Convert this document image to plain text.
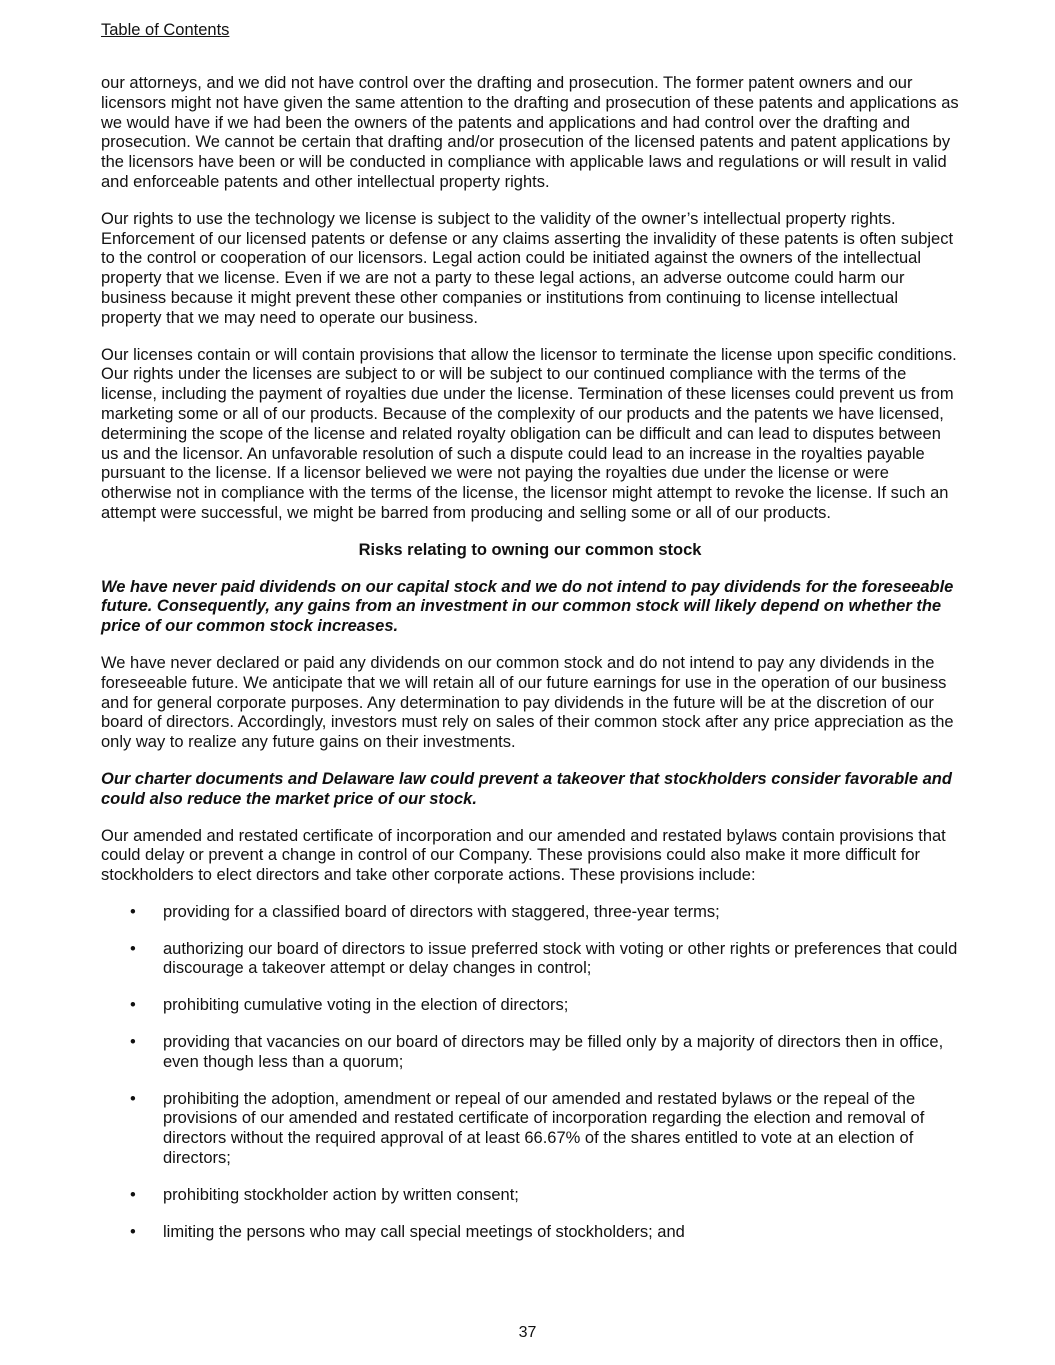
Table of Contents

our attorneys, and we did not have control over the drafting and prosecution. The former patent owners and our licensors might not have given the same attention to the drafting and prosecution of these patents and applications as we would have if we had been the owners of the patents and applications and had control over the drafting and prosecution. We cannot be certain that drafting and/or prosecution of the licensed patents and patent applications by the licensors have been or will be conducted in compliance with applicable laws and regulations or will result in valid and enforceable patents and other intellectual property rights.

Our rights to use the technology we license is subject to the validity of the owner’s intellectual property rights. Enforcement of our licensed patents or defense or any claims asserting the invalidity of these patents is often subject to the control or cooperation of our licensors. Legal action could be initiated against the owners of the intellectual property that we license. Even if we are not a party to these legal actions, an adverse outcome could harm our business because it might prevent these other companies or institutions from continuing to license intellectual property that we may need to operate our business.

Our licenses contain or will contain provisions that allow the licensor to terminate the license upon specific conditions. Our rights under the licenses are subject to or will be subject to our continued compliance with the terms of the license, including the payment of royalties due under the license. Termination of these licenses could prevent us from marketing some or all of our products. Because of the complexity of our products and the patents we have licensed, determining the scope of the license and related royalty obligation can be difficult and can lead to disputes between us and the licensor. An unfavorable resolution of such a dispute could lead to an increase in the royalties payable pursuant to the license. If a licensor believed we were not paying the royalties due under the license or were otherwise not in compliance with the terms of the license, the licensor might attempt to revoke the license. If such an attempt were successful, we might be barred from producing and selling some or all of our products.

Risks relating to owning our common stock
We have never paid dividends on our capital stock and we do not intend to pay dividends for the foreseeable future. Consequently, any gains from an investment in our common stock will likely depend on whether the price of our common stock increases.

We have never declared or paid any dividends on our common stock and do not intend to pay any dividends in the foreseeable future. We anticipate that we will retain all of our future earnings for use in the operation of our business and for general corporate purposes. Any determination to pay dividends in the future will be at the discretion of our board of directors. Accordingly, investors must rely on sales of their common stock after any price appreciation as the only way to realize any future gains on their investments.

Our charter documents and Delaware law could prevent a takeover that stockholders consider favorable and could also reduce the market price of our stock.

Our amended and restated certificate of incorporation and our amended and restated bylaws contain provisions that could delay or prevent a change in control of our Company. These provisions could also make it more difficult for stockholders to elect directors and take other corporate actions. These provisions include:

• providing for a classified board of directors with staggered, three-year terms;
• authorizing our board of directors to issue preferred stock with voting or other rights or preferences that could discourage a takeover attempt or delay changes in control;
• prohibiting cumulative voting in the election of directors;
• providing that vacancies on our board of directors may be filled only by a majority of directors then in office, even though less than a quorum;
• prohibiting the adoption, amendment or repeal of our amended and restated bylaws or the repeal of the provisions of our amended and restated certificate of incorporation regarding the election and removal of directors without the required approval of at least 66.67% of the shares entitled to vote at an election of directors;
• prohibiting stockholder action by written consent;
• limiting the persons who may call special meetings of stockholders; and
37
